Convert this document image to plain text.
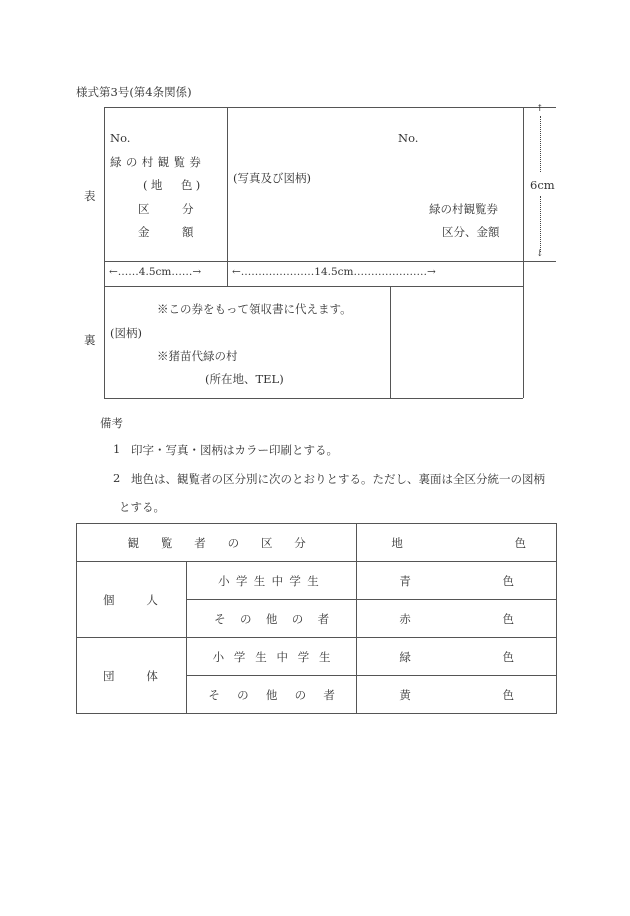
様式第3号(第4条関係)
表
裏
No.
緑の村観覧券
(地　色)
区	分
金	額
No.
(写真及び図柄)
緑の村観覧券
区分、金額
↑
6cm
↓
←……4.5cm……→	←…………………14.5cm…………………→
※この券をもって領収書に代えます。
(図柄)
※猪苗代緑の村
(所在地、TEL)
備考
1 印字・写真・図柄はカラー印刷とする。
2 地色は、観覧者の区分別に次のとおりとする。ただし、裏面は全区分統一の図柄
とする。
観覧者の区分		地 色

個 人	小学生中学生	青 色

	その他の者	赤 色

団 体	小学生中学生	緑 色

	その他の者	黄 色
